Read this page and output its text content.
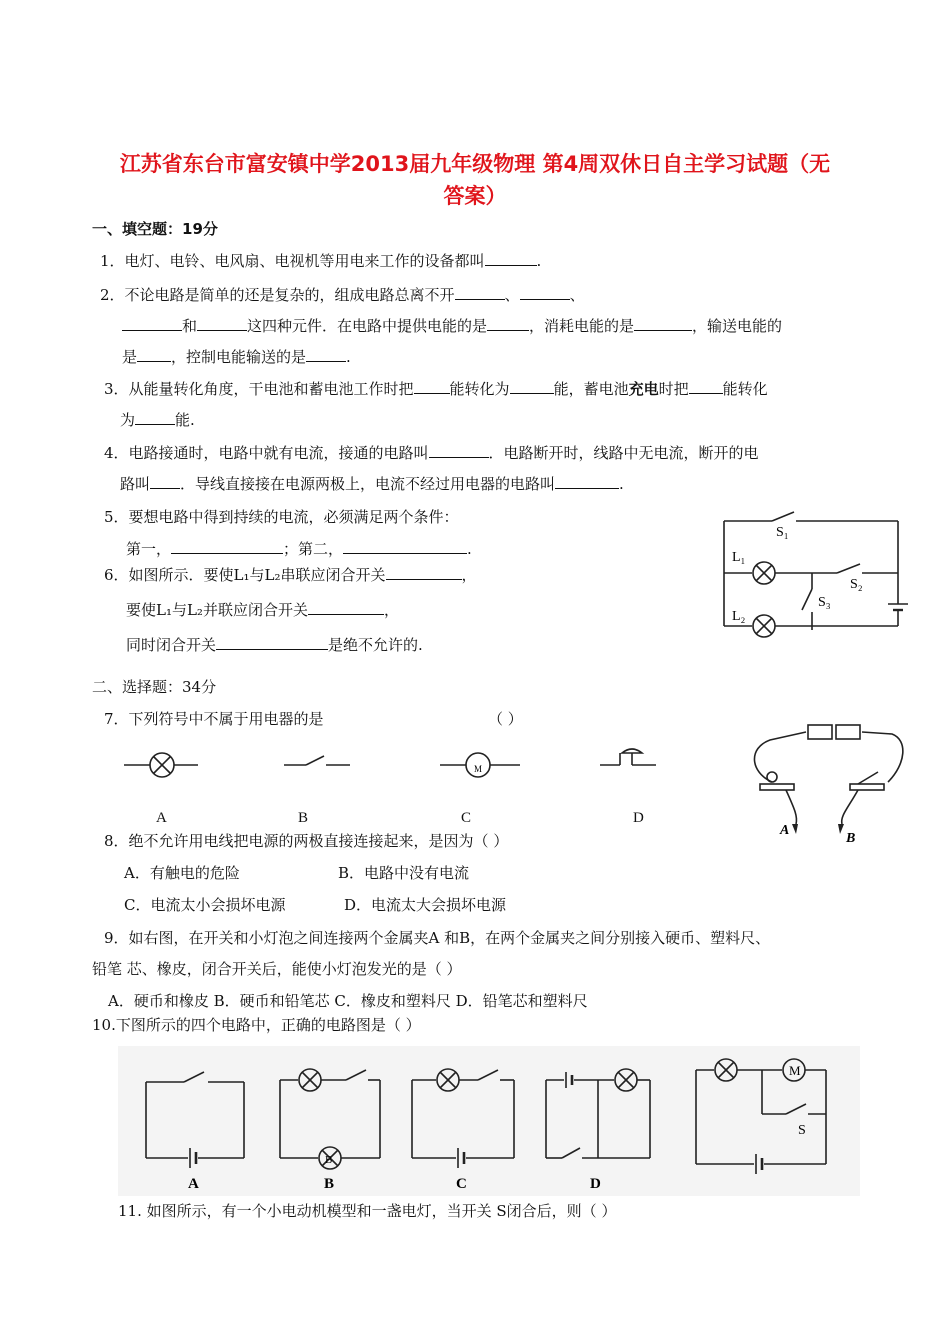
江苏省东台市富安镇中学2013届九年级物理 第4周双休日自主学习试题（无
答案）
一、填空题：19分
1．电灯、电铃、电风扇、电视机等用电来工作的设备都叫	.
2．不论电路是简单的还是复杂的，组成电路总离不开	、	、
和	这四种元件．在电路中提供电能的是	，消耗电能的是	，输送电能的
是 ，控制电能输送的是	.
3．从能量转化角度，干电池和蓄电池工作时把 能转化为	能，蓄电池充电时把 能转化
为	能.
4．电路接通时，电路中就有电流，接通的电路叫	．电路断开时，线路中无电流，断开的电
路叫 ．导线直接接在电源两极上，电流不经过用电器的电路叫	.
5．要想电路中得到持续的电流，必须满足两个条件：
第一，	；第二，	.
6．如图所示．要使L₁与L₂串联应闭合开关	，
要使L₁与L₂并联应闭合开关	，
同时闭合开关	是绝不允许的.
S₁
S₂
S₃
L₁
L₂
二、选择题：34分
7．下列符号中不属于用电器的是	（ ）
M
A	B	C	D
A
B
8．绝不允许用电线把电源的两极直接连接起来，是因为（ ）
A．有触电的危险	B．电路中没有电流
C．电流太小会损坏电源	D．电流太大会损坏电源
9．如右图，在开关和小灯泡之间连接两个金属夹A 和B，在两个金属夹之间分别接入硬币、塑料尺、
铅笔 芯、橡皮，闭合开关后，能使小灯泡发光的是（ ）
A．硬币和橡皮 B．硬币和铅笔芯 C．橡皮和塑料尺 D．铅笔芯和塑料尺
10.下图所示的四个电路中，正确的电路图是（ ）
A	B	C	D
B
M
S
11. 如图所示，有一个小电动机模型和一盏电灯，当开关 S闭合后，则（ ）
